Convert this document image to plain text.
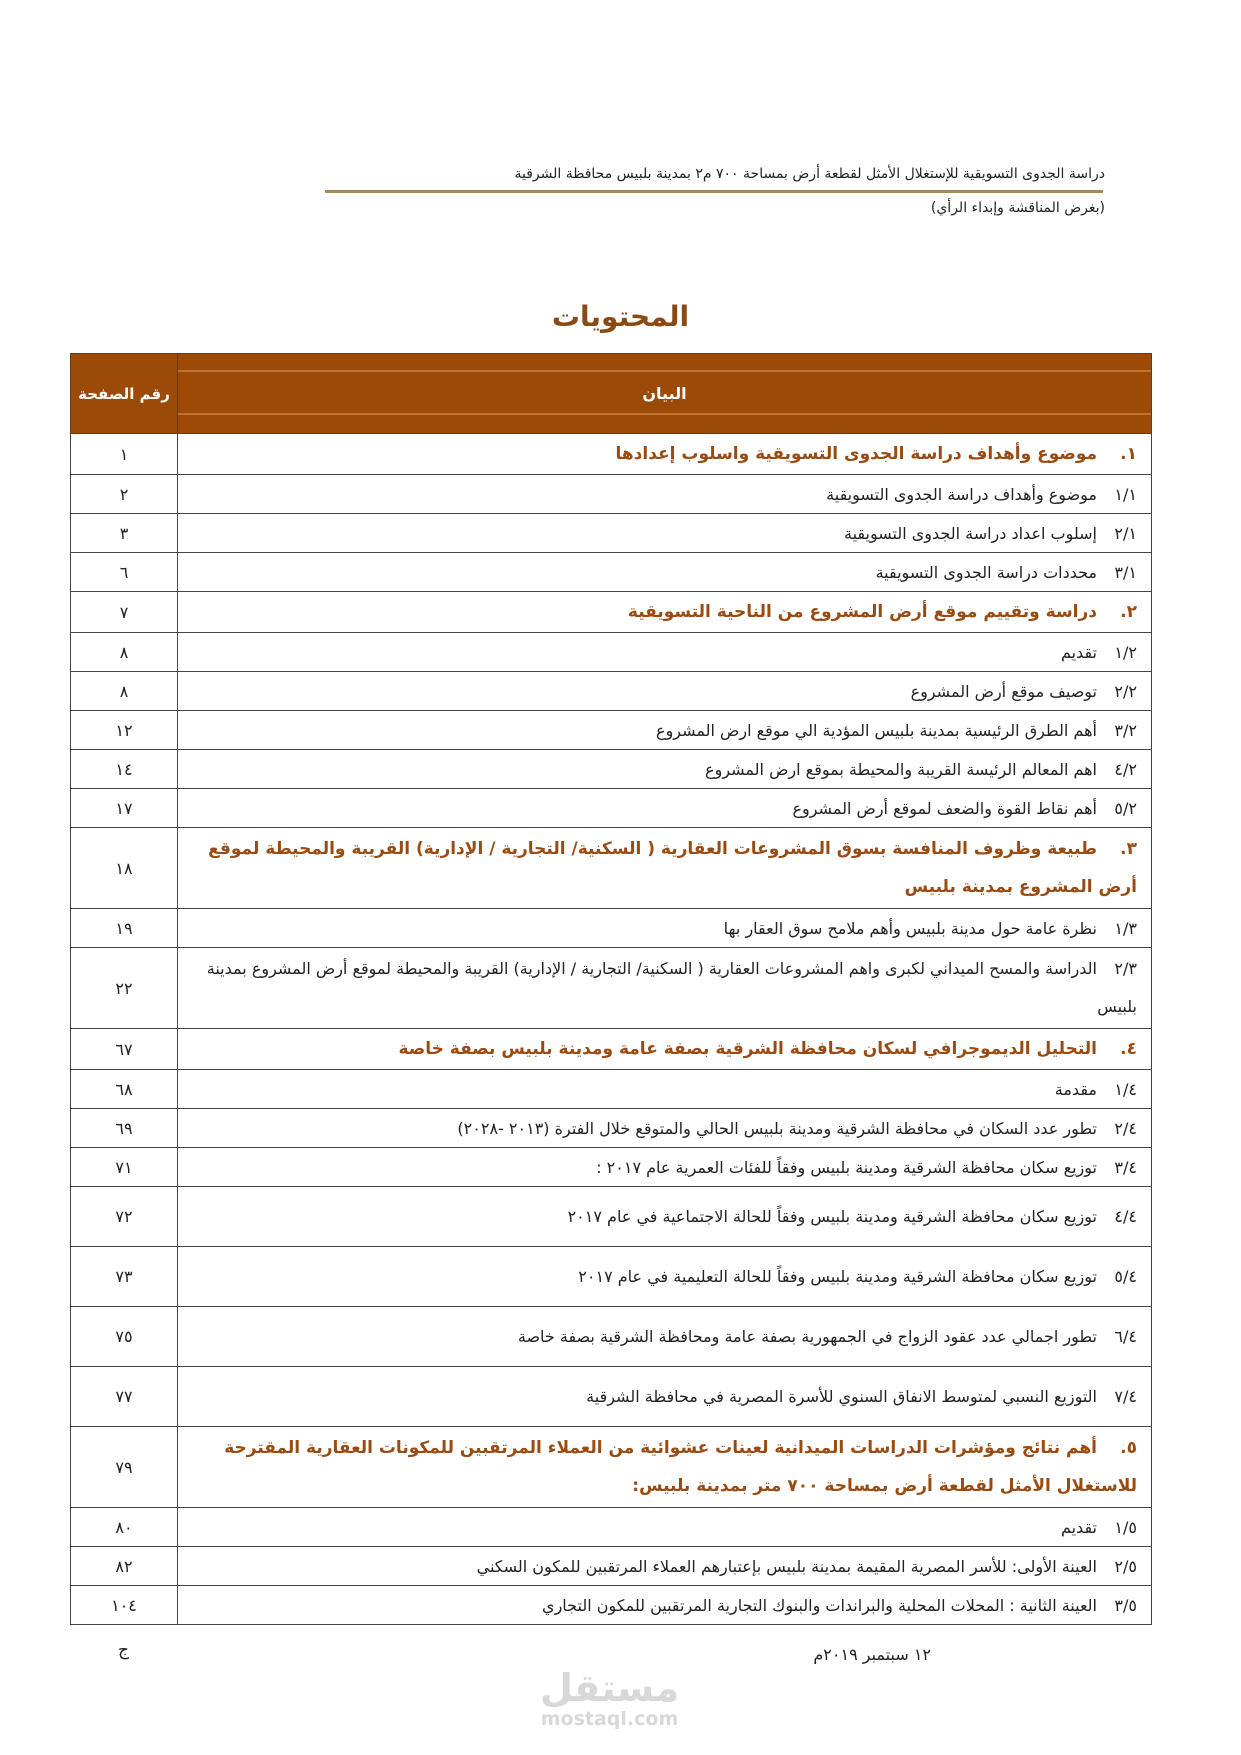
دراسة الجدوى التسويقية للإستغلال الأمثل لقطعة أرض بمساحة ٧٠٠ م٢ بمدينة بلبيس محافظة الشرقية
(بغرض المناقشة وإبداء الرأي)
المحتويات
البيان	رقم الصفحة
١.موضوع وأهداف دراسة الجدوى التسويقية واسلوب إعدادها	١
١/١موضوع وأهداف دراسة الجدوى التسويقية	٢
٢/١إسلوب اعداد دراسة الجدوى التسويقية	٣
٣/١محددات دراسة الجدوى التسويقية	٦
٢.دراسة وتقييم موقع أرض المشروع من الناحية التسويقية	٧
١/٢تقديم	٨
٢/٢توصيف موقع أرض المشروع	٨
٣/٢أهم الطرق الرئيسية بمدينة بلبيس المؤدية الي موقع ارض المشروع	١٢
٤/٢اهم المعالم الرئيسة القريبة والمحيطة بموقع ارض المشروع	١٤
٥/٢أهم نقاط القوة والضعف لموقع أرض المشروع	١٧
٣.طبيعة وظروف المنافسة بسوق المشروعات العقارية ( السكنية/ التجارية / الإدارية) القريبة والمحيطة لموقع أرض المشروع بمدينة بلبيس	١٨
١/٣نظرة عامة حول مدينة بلبيس وأهم ملامح سوق العقار بها	١٩
٢/٣الدراسة والمسح الميداني لكبرى واهم المشروعات العقارية ( السكنية/ التجارية / الإدارية) القريبة والمحيطة لموقع أرض المشروع بمدينة بلبيس	٢٢
٤.التحليل الديموجرافي لسكان محافظة الشرقية بصفة عامة ومدينة بلبيس بصفة خاصة	٦٧
١/٤مقدمة	٦٨
٢/٤تطور عدد السكان في محافظة الشرقية ومدينة بلبيس الحالي والمتوقع خلال الفترة (٢٠١٣ -٢٠٢٨)	٦٩
٣/٤توزيع سكان محافظة الشرقية ومدينة بلبيس وفقاً للفئات العمرية عام ٢٠١٧ :	٧١
٤/٤توزيع سكان محافظة الشرقية ومدينة بلبيس وفقاً للحالة الاجتماعية في عام ٢٠١٧	٧٢
٥/٤توزيع سكان محافظة الشرقية ومدينة بلبيس وفقاً للحالة التعليمية في عام ٢٠١٧	٧٣
٦/٤تطور اجمالي عدد عقود الزواج في الجمهورية بصفة عامة ومحافظة الشرقية بصفة خاصة	٧٥
٧/٤التوزيع النسبي لمتوسط الانفاق السنوي للأسرة المصرية في محافظة الشرقية	٧٧
٥.أهم نتائج ومؤشرات الدراسات الميدانية لعينات عشوائية من العملاء المرتقبين للمكونات العقارية المقترحة للاستغلال الأمثل لقطعة أرض بمساحة ٧٠٠ متر بمدينة بلبيس:	٧٩
١/٥تقديم	٨٠
٢/٥العينة الأولى: للأسر المصرية المقيمة بمدينة بلبيس بإعتبارهم العملاء المرتقبين للمكون السكني	٨٢
٣/٥العينة الثانية : المحلات المحلية والبراندات والبنوك التجارية المرتقبين للمكون التجاري	١٠٤
١٢ سبتمبر ٢٠١٩م
ج
مستقل
mostaql.com
